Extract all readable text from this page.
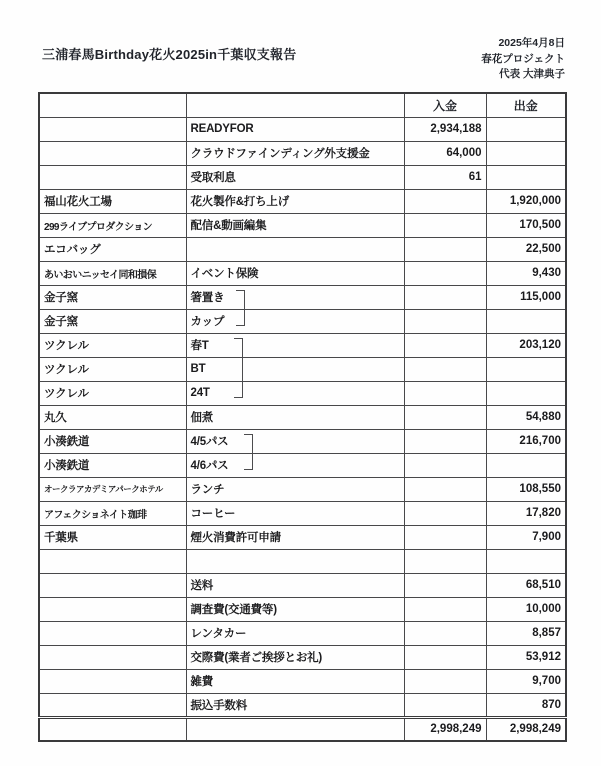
三浦春馬Birthday花火2025in千葉収支報告
2025年4月8日
春花プロジェクト
代表 大津典子
		入金	出金
	READYFOR	2,934,188	
	クラウドファインディング外支援金	64,000	
	受取利息	61	
福山花火工場	花火製作&打ち上げ		1,920,000
299ライブプロダクション	配信&動画編集		170,500
エコバッグ			22,500
あいおいニッセイ同和損保	イベント保険		9,430
金子窯	箸置き		115,000
金子窯	カップ		
ツクレル	春T		203,120
ツクレル	BT		
ツクレル	24T		
丸久	佃煮		54,880
小湊鉄道	4/5パス		216,700
小湊鉄道	4/6パス		
オークラアカデミアパークホテル	ランチ		108,550
アフェクショネイト珈琲	コーヒー		17,820
千葉県	煙火消費許可申請		7,900

	送料		68,510
	調査費(交通費等)		10,000
	レンタカー		8,857
	交際費(業者ご挨拶とお礼)		53,912
	雑費		9,700
	振込手数料		870
		2,998,249	2,998,249
